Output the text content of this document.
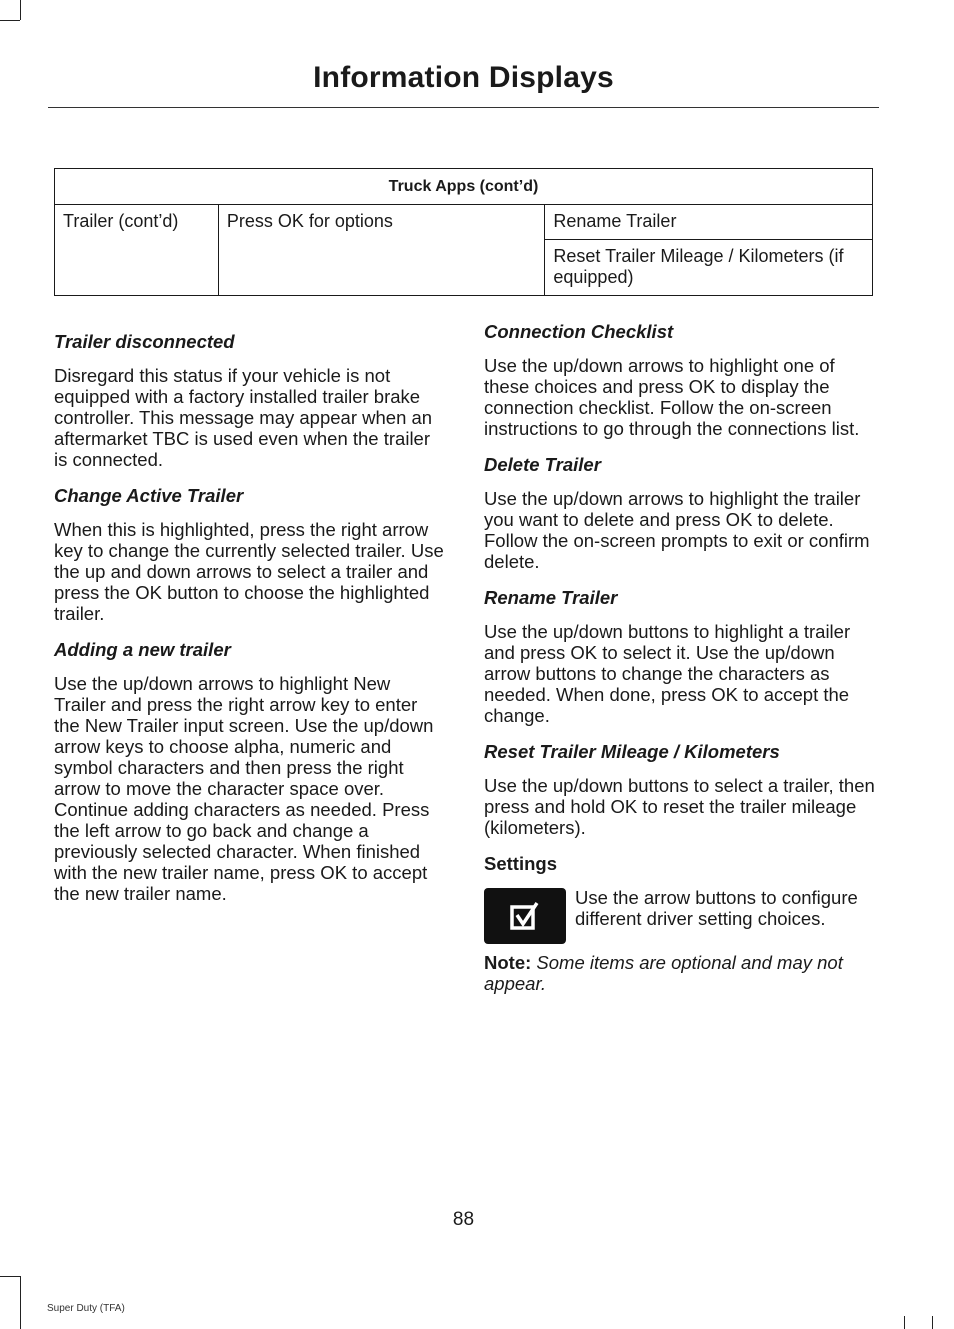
Information Displays
Truck Apps (cont’d)
Trailer (cont’d)	Press OK for options	Rename Trailer
Reset Trailer Mileage / Kilometers (if equipped)
Trailer disconnected

Disregard this status if your vehicle is not equipped with a factory installed trailer brake controller. This message may appear when an aftermarket TBC is used even when the trailer is connected.

Change Active Trailer

When this is highlighted, press the right arrow key to change the currently selected trailer. Use the up and down arrows to select a trailer and press the OK button to choose the highlighted trailer.

Adding a new trailer

Use the up/down arrows to highlight New Trailer and press the right arrow key to enter the New Trailer input screen. Use the up/down arrow keys to choose alpha, numeric and symbol characters and then press the right arrow to move the character space over. Continue adding characters as needed. Press the left arrow to go back and change a previously selected character. When finished with the new trailer name, press OK to accept the new trailer name.

Connection Checklist

Use the up/down arrows to highlight one of these choices and press OK to display the connection checklist. Follow the on-screen instructions to go through the connections list.

Delete Trailer

Use the up/down arrows to highlight the trailer you want to delete and press OK to delete. Follow the on-screen prompts to exit or confirm delete.

Rename Trailer

Use the up/down buttons to highlight a trailer and press OK to select it. Use the up/down arrow buttons to change the characters as needed. When done, press OK to accept the change.

Reset Trailer Mileage / Kilometers

Use the up/down buttons to select a trailer, then press and hold OK to reset the trailer mileage (kilometers).

Settings

Use the arrow buttons to configure different driver setting choices.

Note: Some items are optional and may not appear.

88
Super Duty (TFA)
